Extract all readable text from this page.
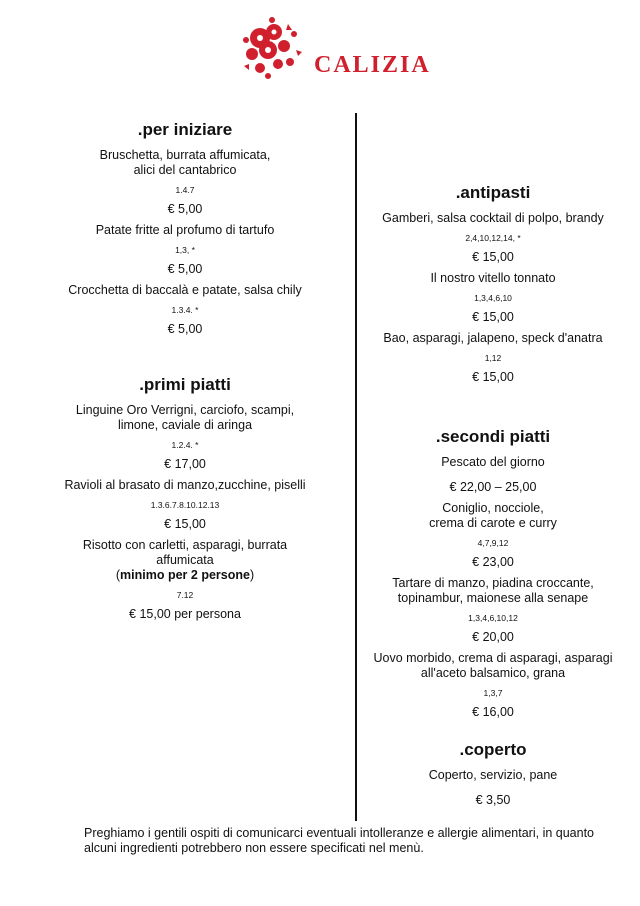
CALIZIA
.per iniziare
Bruschetta, burrata affumicata,
alici del cantabrico
1.4.7
€ 5,00
Patate fritte al profumo di tartufo
1,3, *
€ 5,00
Crocchetta di baccalà e patate, salsa chily
1.3.4. *
€ 5,00
.primi piatti
Linguine Oro Verrigni, carciofo, scampi,
limone, caviale di aringa
1.2.4. *
€ 17,00
Ravioli al brasato di manzo,zucchine, piselli
1.3.6.7.8.10.12.13
€ 15,00
Risotto con carletti, asparagi, burrata
affumicata
(minimo per 2 persone)
7.12
€ 15,00 per persona
.antipasti
Gamberi, salsa cocktail di polpo, brandy
2,4,10,12,14, *
€ 15,00
Il nostro vitello tonnato
1,3,4,6,10
€ 15,00
Bao, asparagi, jalapeno, speck d'anatra
1,12
€ 15,00
.secondi piatti
Pescato del giorno
€ 22,00 – 25,00
Coniglio, nocciole,
crema di carote e curry
4,7,9,12
€ 23,00
Tartare di manzo, piadina croccante,
topinambur, maionese alla senape
1,3,4,6,10,12
€ 20,00
Uovo morbido, crema di asparagi, asparagi
all'aceto balsamico, grana
1,3,7
€ 16,00
.coperto
Coperto, servizio, pane
€ 3,50
Preghiamo i gentili ospiti di comunicarci eventuali intolleranze e allergie alimentari, in quanto
alcuni ingredienti potrebbero non essere specificati nel menù.
